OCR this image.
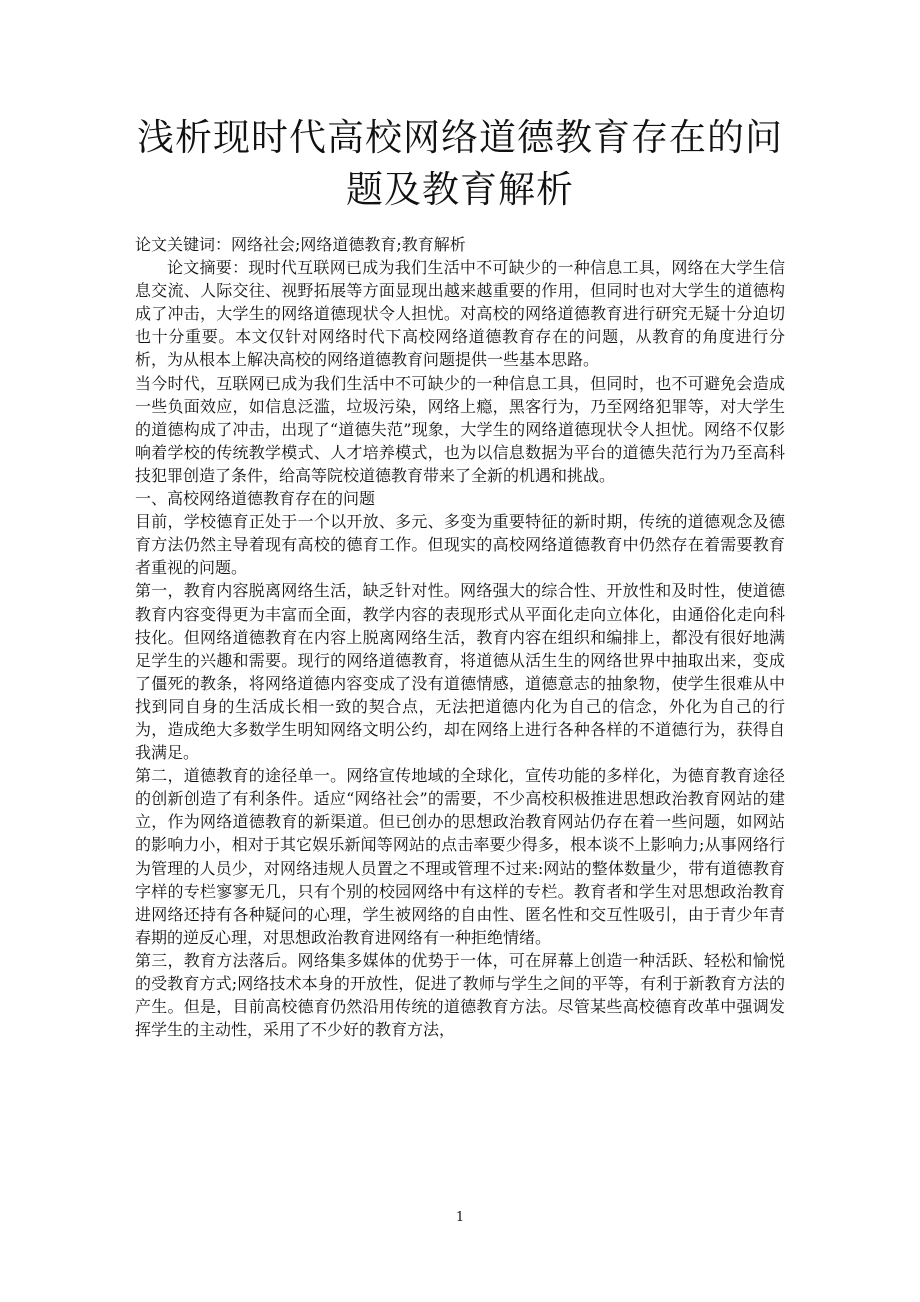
浅析现时代高校网络道德教育存在的问题及教育解析

论文关键词：网络社会;网络道德教育;教育解析

论文摘要：现时代互联网已成为我们生活中不可缺少的一种信息工具，网络在大学生信息交流、人际交往、视野拓展等方面显现出越来越重要的作用，但同时也对大学生的道德构成了冲击，大学生的网络道德现状令人担忧。对高校的网络道德教育进行研究无疑十分迫切也十分重要。本文仅针对网络时代下高校网络道德教育存在的问题，从教育的角度进行分析，为从根本上解决高校的网络道德教育问题提供一些基本思路。

当今时代，互联网已成为我们生活中不可缺少的一种信息工具，但同时，也不可避免会造成一些负面效应，如信息泛滥，垃圾污染，网络上瘾，黑客行为，乃至网络犯罪等，对大学生的道德构成了冲击，出现了“道德失范”现象，大学生的网络道德现状令人担忧。网络不仅影响着学校的传统教学模式、人才培养模式，也为以信息数据为平台的道德失范行为乃至高科技犯罪创造了条件，给高等院校道德教育带来了全新的机遇和挑战。

一、高校网络道德教育存在的问题

目前，学校德育正处于一个以开放、多元、多变为重要特征的新时期，传统的道德观念及德育方法仍然主导着现有高校的德育工作。但现实的高校网络道德教育中仍然存在着需要教育者重视的问题。

第一，教育内容脱离网络生活，缺乏针对性。网络强大的综合性、开放性和及时性，使道德教育内容变得更为丰富而全面，教学内容的表现形式从平面化走向立体化，由通俗化走向科技化。但网络道德教育在内容上脱离网络生活，教育内容在组织和编排上，都没有很好地满足学生的兴趣和需要。现行的网络道德教育，将道德从活生生的网络世界中抽取出来，变成了僵死的教条，将网络道德内容变成了没有道德情感，道德意志的抽象物，使学生很难从中找到同自身的生活成长相一致的契合点，无法把道德内化为自己的信念，外化为自己的行为，造成绝大多数学生明知网络文明公约，却在网络上进行各种各样的不道德行为，获得自我满足。

第二，道德教育的途径单一。网络宣传地域的全球化，宣传功能的多样化，为德育教育途径的创新创造了有利条件。适应“网络社会”的需要，不少高校积极推进思想政治教育网站的建立，作为网络道德教育的新渠道。但已创办的思想政治教育网站仍存在着一些问题，如网站的影响力小，相对于其它娱乐新闻等网站的点击率要少得多，根本谈不上影响力;从事网络行为管理的人员少，对网络违规人员置之不理或管理不过来:网站的整体数量少，带有道德教育字样的专栏寥寥无几，只有个别的校园网络中有这样的专栏。教育者和学生对思想政治教育进网络还持有各种疑问的心理，学生被网络的自由性、匿名性和交互性吸引，由于青少年青春期的逆反心理，对思想政治教育进网络有一种拒绝情绪。

第三，教育方法落后。网络集多媒体的优势于一体，可在屏幕上创造一种活跃、轻松和愉悦的受教育方式;网络技术本身的开放性，促进了教师与学生之间的平等，有利于新教育方法的产生。但是，目前高校德育仍然沿用传统的道德教育方法。尽管某些高校德育改革中强调发挥学生的主动性，采用了不少好的教育方法，

1
